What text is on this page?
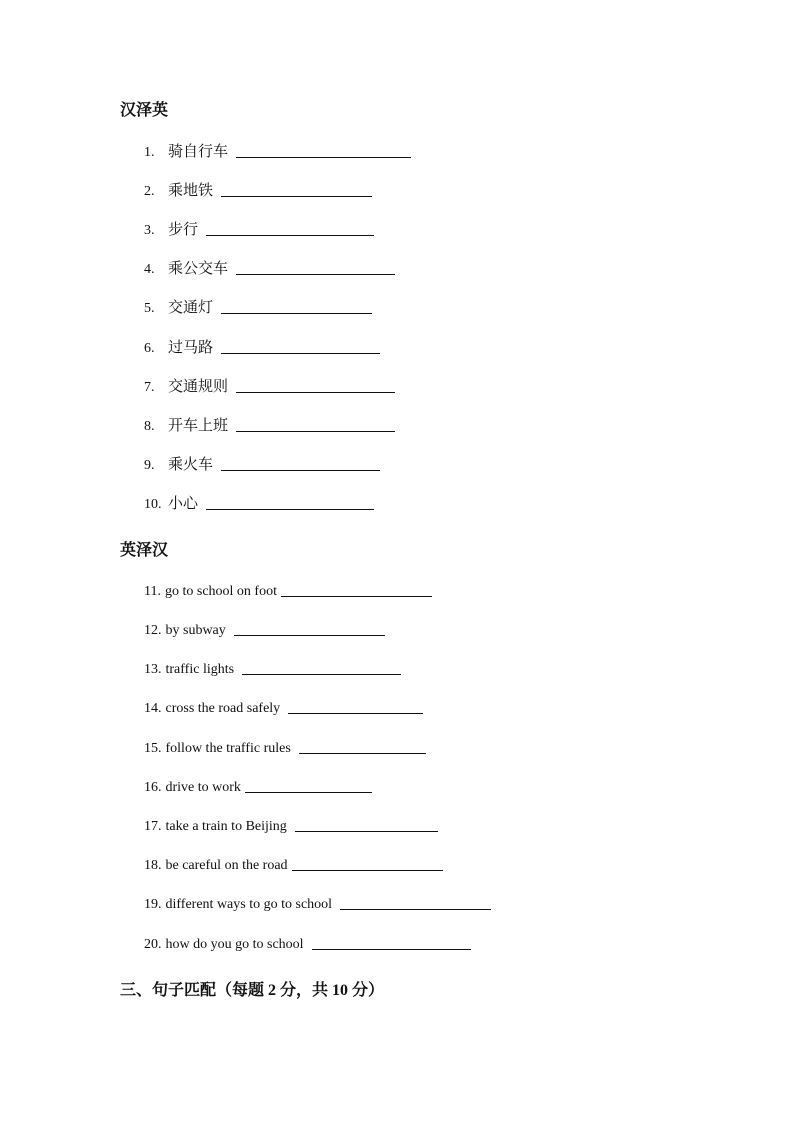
汉泽英
1. 骑自行车
2. 乘地铁
3. 步行
4. 乘公交车
5. 交通灯
6. 过马路
7. 交通规则
8. 开车上班
9. 乘火车
10. 小心
英泽汉
11. go to school on foot
12. by subway
13. traffic lights
14. cross the road safely
15. follow the traffic rules
16. drive to work
17. take a train to Beijing
18. be careful on the road
19. different ways to go to school
20. how do you go to school
三、句子匹配（每题 2 分，共 10 分）
